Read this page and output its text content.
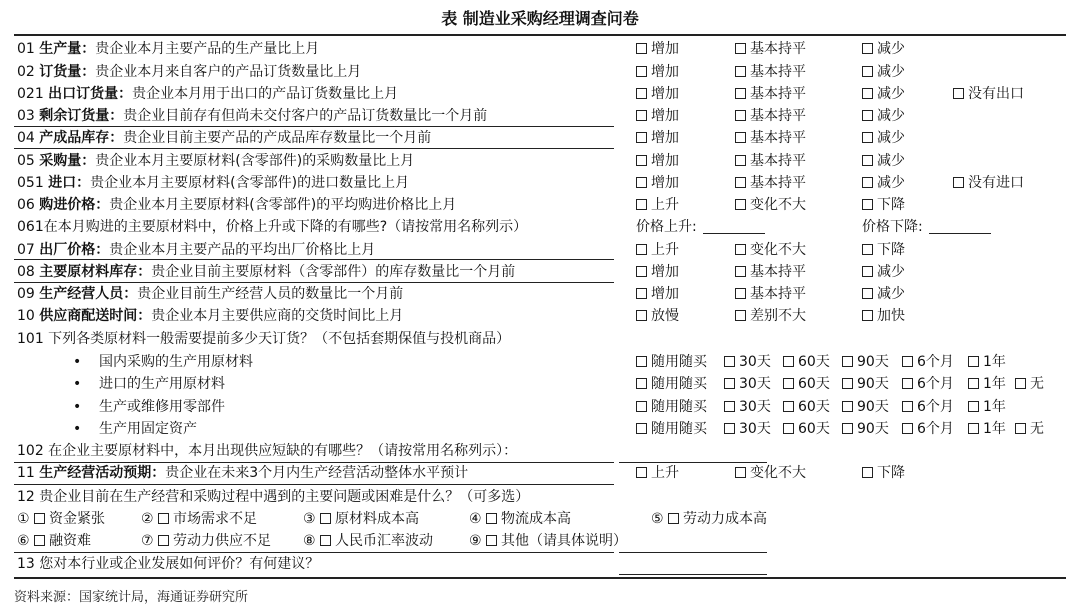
表 制造业采购经理调查问卷
01 生产量：贵企业本月主要产品的生产量比上月	增加	基本持平	减少
02 订货量：贵企业本月来自客户的产品订货数量比上月	增加	基本持平	减少
021 出口订货量：贵企业本月用于出口的产品订货数量比上月	增加	基本持平	减少	没有出口
03 剩余订货量：贵企业目前存有但尚未交付客户的产品订货数量比一个月前	增加	基本持平	减少
04 产成品库存：贵企业目前主要产品的产成品库存数量比一个月前	增加	基本持平	减少
05 采购量：贵企业本月主要原材料(含零部件)的采购数量比上月	增加	基本持平	减少
051 进口：贵企业本月主要原材料(含零部件)的进口数量比上月	增加	基本持平	减少	没有进口
06 购进价格：贵企业本月主要原材料(含零部件)的平均购进价格比上月	上升	变化不大	下降
07 出厂价格：贵企业本月主要产品的平均出厂价格比上月	上升	变化不大	下降
08 主要原材料库存：贵企业目前主要原材料（含零部件）的库存数量比一个月前	增加	基本持平	减少
09 生产经营人员：贵企业目前生产经营人员的数量比一个月前	增加	基本持平	减少
10 供应商配送时间：贵企业本月主要供应商的交货时间比上月	放慢	差别不大	加快
061在本月购进的主要原材料中，价格上升或下降的有哪些?（请按常用名称列示）	价格上升:	价格下降:
101 下列各类原材料一般需要提前多少天订货？（不包括套期保值与投机商品）
• 国内采购的生产用原材料	随用随买	30天	60天	90天	6个月	1年
• 进口的生产用原材料	随用随买	30天	60天	90天	6个月	1年	无
• 生产或维修用零部件	随用随买	30天	60天	90天	6个月	1年
• 生产用固定资产	随用随买	30天	60天	90天	6个月	1年	无
102 在企业主要原材料中，本月出现供应短缺的有哪些？（请按常用名称列示）：
11 生产经营活动预期：贵企业在未来3个月内生产经营活动整体水平预计	上升	变化不大	下降
12 贵企业目前在生产经营和采购过程中遇到的主要问题或困难是什么？（可多选）
① 资金紧张	② 市场需求不足	③ 原材料成本高	④ 物流成本高	⑤ 劳动力成本高
⑥ 融资难	⑦ 劳动力供应不足 ⑧ 人民币汇率波动	⑨ 其他（请具体说明）
13 您对本行业或企业发展如何评价？有何建议？
资料来源：国家统计局，海通证券研究所
